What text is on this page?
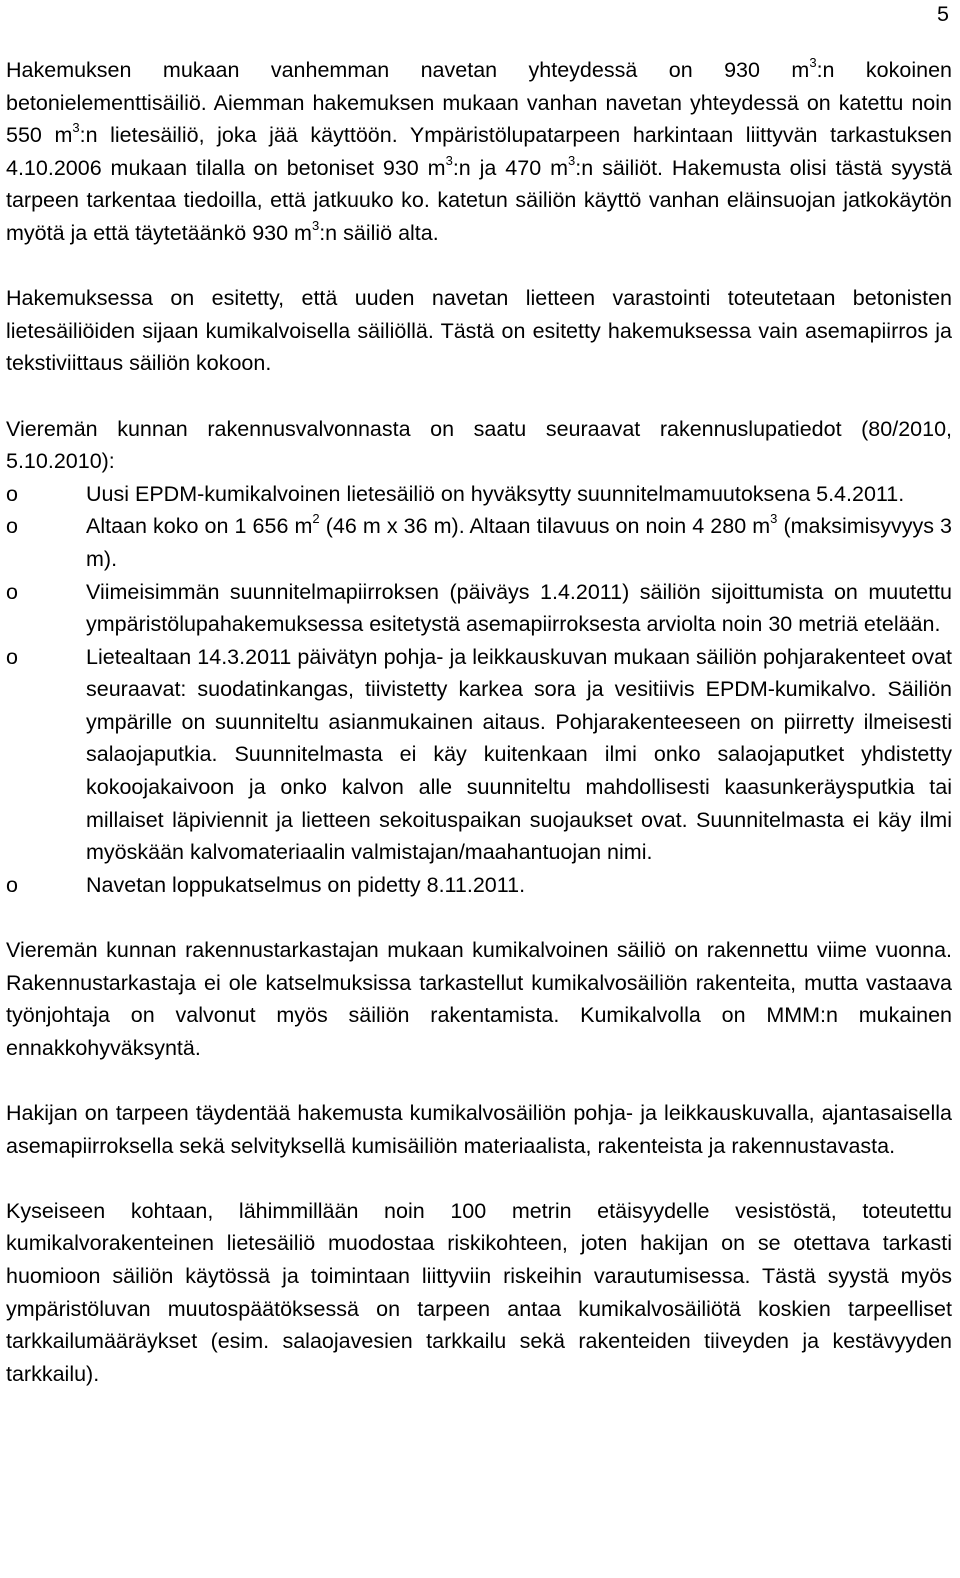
5

Hakemuksen mukaan vanhemman navetan yhteydessä on 930 $m^3:n$ kokoinen betonielementtisäiliö. Aiemman hakemuksen mukaan vanhan navetan yhteydessä on katettu noin 550 $m^3:n$ lietesäiliö, joka jää käyttöön. Ympäristölupatarpeen harkintaan liittyvän tarkastuksen 4.10.2006 mukaan tilalla on betoniset 930 $m^3:n$ ja 470 $m^3:n$ säiliöt. Hakemusta olisi tästä syystä tarpeen tarkentaa tiedoilla, että jatkuuko ko. katetun säiliön käyttö vanhan eläinsuojan jatkokäytön myötä ja että täytetäänkö 930 $m^3:n$ säiliö alta.

Hakemuksessa on esitetty, että uuden navetan lietteen varastointi toteutetaan betonisten lietesäiliöiden sijaan kumikalvoisella säiliöllä. Tästä on esitetty hakemuksessa vain asemapiirros ja tekstiviittaus säiliön kokoon.

Vieremän kunnan rakennusvalvonnasta on saatu seuraavat rakennuslupatiedot (80/2010, 5.10.2010):

o	Uusi EPDM-kumikalvoinen lietesäiliö on hyväksytty suunnitelmamuutoksena 5.4.2011.
o	Altaan koko on 1 656 $m^2$ (46 m x 36 m). Altaan tilavuus on noin 4 280 $m^3$ (maksimisyvyys 3 m).
o	Viimeisimmän suunnitelmapiirroksen (päiväys 1.4.2011) säiliön sijoittumista on muutettu ympäristölupahakemuksessa esitetystä asemapiirroksesta arviolta noin 30 metriä etelään.
o	Lietealtaan 14.3.2011 päivätyn pohja- ja leikkauskuvan mukaan säiliön pohjarakenteet ovat seuraavat: suodatinkangas, tiivistetty karkea sora ja vesitiivis EPDM-kumikalvo. Säiliön ympärille on suunniteltu asianmukainen aitaus. Pohjarakenteeseen on piirretty ilmeisesti salaojaputkia. Suunnitelmasta ei käy kuitenkaan ilmi onko salaojaputket yhdistetty kokoojakaivoon ja onko kalvon alle suunniteltu mahdollisesti kaasunkeräysputkia tai millaiset läpiviennit ja lietteen sekoituspaikan suojaukset ovat. Suunnitelmasta ei käy ilmi myöskään kalvomateriaalin valmistajan/maahantuojan nimi.
o	Navetan loppukatselmus on pidetty 8.11.2011.

Vieremän kunnan rakennustarkastajan mukaan kumikalvoinen säiliö on rakennettu viime vuonna. Rakennustarkastaja ei ole katselmuksissa tarkastellut kumikalvosäiliön rakenteita, mutta vastaava työnjohtaja on valvonut myös säiliön rakentamista. Kumikalvolla on MMM:n mukainen ennakkohyväksyntä.

Hakijan on tarpeen täydentää hakemusta kumikalvosäiliön pohja- ja leikkauskuvalla, ajantasaisella asemapiirroksella sekä selvityksellä kumisäiliön materiaalista, rakenteista ja rakennustavasta.

Kyseiseen kohtaan, lähimmillään noin 100 metrin etäisyydelle vesistöstä, toteutettu kumikalvorakenteinen lietesäiliö muodostaa riskikohteen, joten hakijan on se otettava tarkasti huomioon säiliön käytössä ja toimintaan liittyviin riskeihin varautumisessa. Tästä syystä myös ympäristöluvan muutospäätöksessä on tarpeen antaa kumikalvosäiliötä koskien tarpeelliset tarkkailumääräykset (esim. salaojavesien tarkkailu sekä rakenteiden tiiveyden ja kestävyyden tarkkailu).
